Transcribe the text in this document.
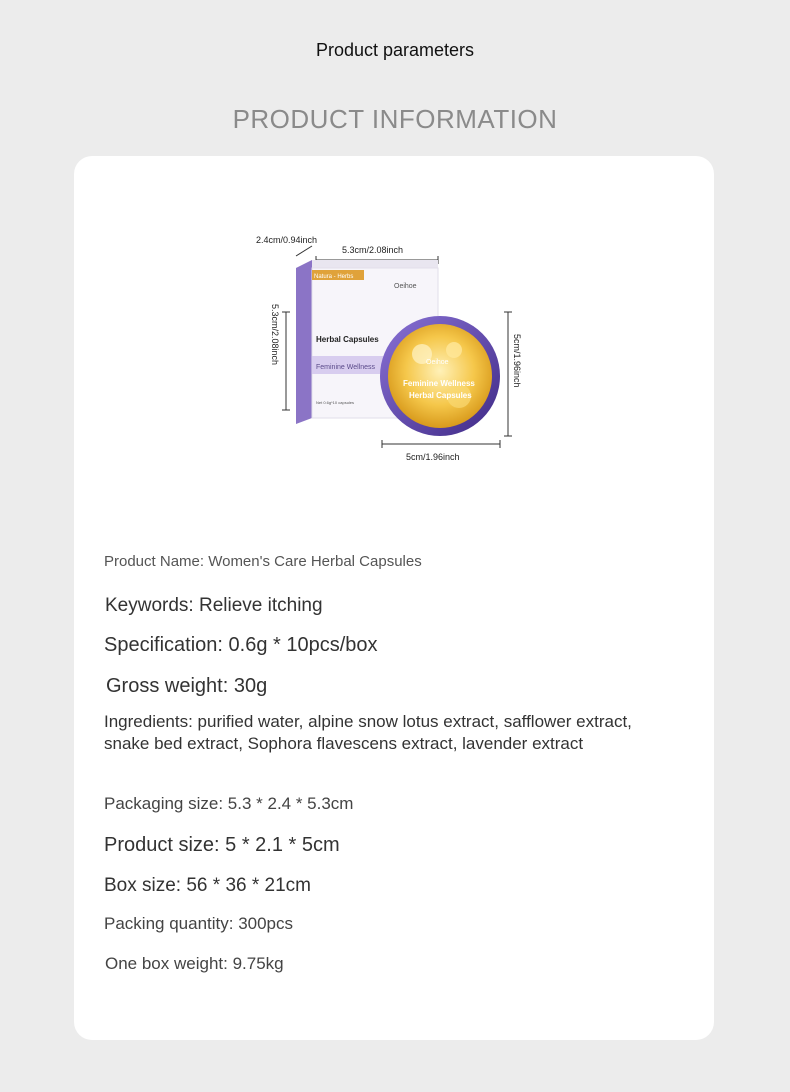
Product parameters
PRODUCT INFORMATION
2.4cm/0.94inch
5.3cm/2.08inch
Natura - Herbs
Oeihoe
Herbal Capsules
Feminine Wellness
Net 0.6g*10 capsules
5.3cm/2.08inch	Oeihoe
Feminine Wellness
Herbal Capsules
5cm/1.96inch
5cm/1.96inch
Product Name: Women's Care Herbal Capsules
Keywords: Relieve itching
Specification: 0.6g * 10pcs/box
Gross weight: 30g
Ingredients: purified water, alpine snow lotus extract, safflower extract, snake bed extract, Sophora flavescens extract, lavender extract
Packaging size: 5.3 * 2.4 * 5.3cm
Product size: 5 * 2.1 * 5cm
Box size: 56 * 36 * 21cm
Packing quantity: 300pcs
One box weight: 9.75kg
